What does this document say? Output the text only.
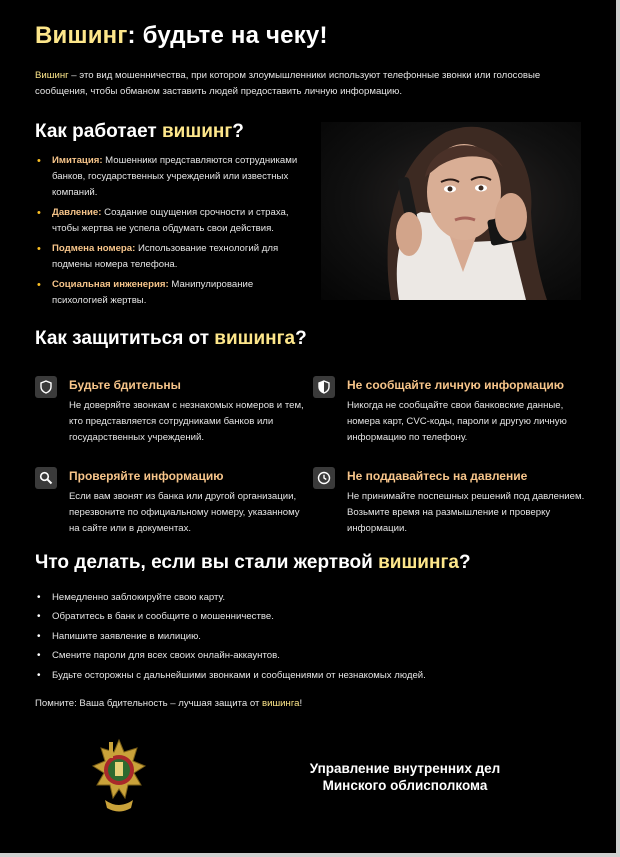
Вишинг: будьте на чеку!

Вишинг – это вид мошенничества, при котором злоумышленники используют телефонные звонки или голосовые сообщения, чтобы обманом заставить людей предоставить личную информацию.

Как работает вишинг?
• Имитация: Мошенники представляются сотрудниками банков, государственных учреждений или известных компаний.
• Давление: Создание ощущения срочности и страха, чтобы жертва не успела обдумать свои действия.
• Подмена номера: Использование технологий для подмены номера телефона.
• Социальная инженерия: Манипулирование психологией жертвы.
Как защититься от вишинга?
Будьте бдительны
Не доверяйте звонкам с незнакомых номеров и тем, кто представляется сотрудниками банков или государственных учреждений.
Не сообщайте личную информацию
Никогда не сообщайте свои банковские данные, номера карт, CVC-коды, пароли и другую личную информацию по телефону.
Проверяйте информацию
Если вам звонят из банка или другой организации, перезвоните по официальному номеру, указанному на сайте или в документах.
Не поддавайтесь на давление
Не принимайте поспешных решений под давлением. Возьмите время на размышление и проверку информации.
Что делать, если вы стали жертвой вишинга?
• Немедленно заблокируйте свою карту.
• Обратитесь в банк и сообщите о мошенничестве.
• Напишите заявление в милицию.
• Смените пароли для всех своих онлайн-аккаунтов.
• Будьте осторожны с дальнейшими звонками и сообщениями от незнакомых людей.

Помните: Ваша бдительность – лучшая защита от вишинга!

Управление внутренних дел
Минского облисполкома
